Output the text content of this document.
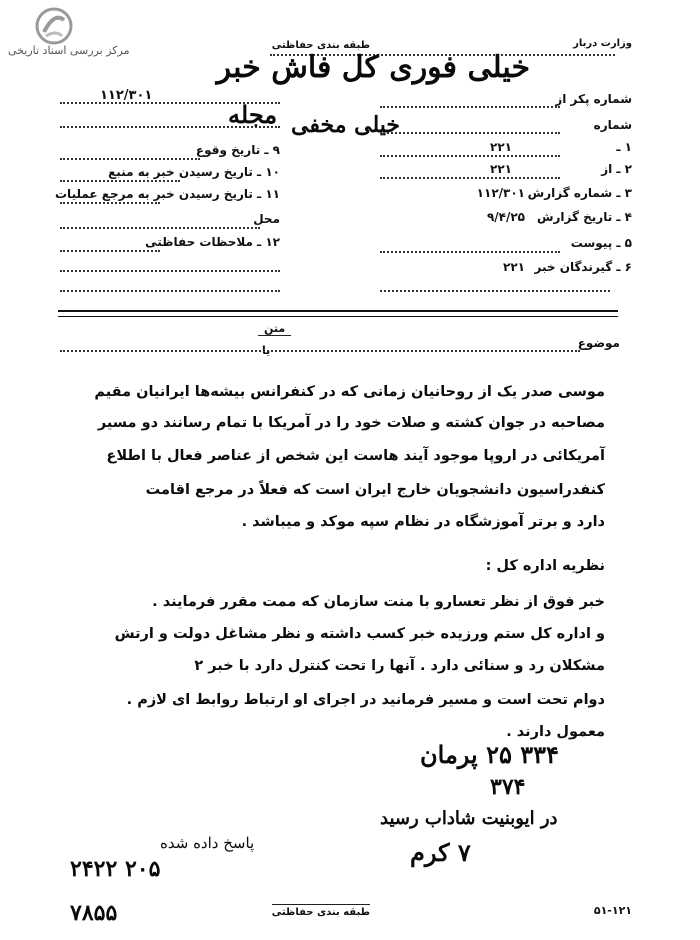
مرکز بررسی اسناد تاریخی
وزارت دربار
طبقه بندی حفاظتی
خیلی فوری کل فاش خبر
خیلی مخفی
مجله
۱۱۲/۳۰۱
۹ ـ تاریخ وقوع
۱۰ ـ تاریخ رسیدن خبر به منبع
۱۱ ـ تاریخ رسیدن خبر به مرجع عملیات
محل
۱۲ ـ ملاحظات حفاظتی
شماره پکر از
شماره
۱ ـ
۲۲۱
۲ ـ از
۲۲۱
۳ ـ شماره گزارش
۱۱۲/۳۰۱
۴ ـ تاریخ گزارش
۹/۴/۲۵
۵ ـ پیوست
۶ ـ گیرندگان خبر
۲۲۱
متن
یا
موضوع
موسی صدر یک از روحانیان زمانی که در کنفرانس بیشه‌ها ایرانیان مقیم
مصاحبه در جوان کشته و صلات خود را در آمریکا با تمام رسانند دو مسیر
آمریکائی در اروپا موجود آیند هاست این شخص از عناصر فعال با اطلاع
کنفدراسیون دانشجویان خارج ایران است که فعلاً در مرجع اقامت
دارد و برتر آموزشگاه در نظام سپه موکد و میباشد .
نظریه اداره کل :
خبر فوق از نظر تعسارو با منت سازمان که ممت مقرر فرمایند .
و اداره کل ستم ورزیده خبر کسب داشته و نظر مشاغل دولت و ارتش
مشکلان رد و سنائی دارد . آنها را تحت کنترل دارد با خبر ۲
دوام تحت است و مسیر فرمانید در اجرای او ارتباط روابط ای لازم .
معمول دارند .
۳۳۴ ۲۵ پرمان
۳۷۴
در ایوبنیت شاداب رسید
۷ کرم
پاسخ داده شده
۲۰۵ ۲۴۲۲
۷۸۵۵	طبقه بندی حفاظتی	۵۱-۱۲۱
